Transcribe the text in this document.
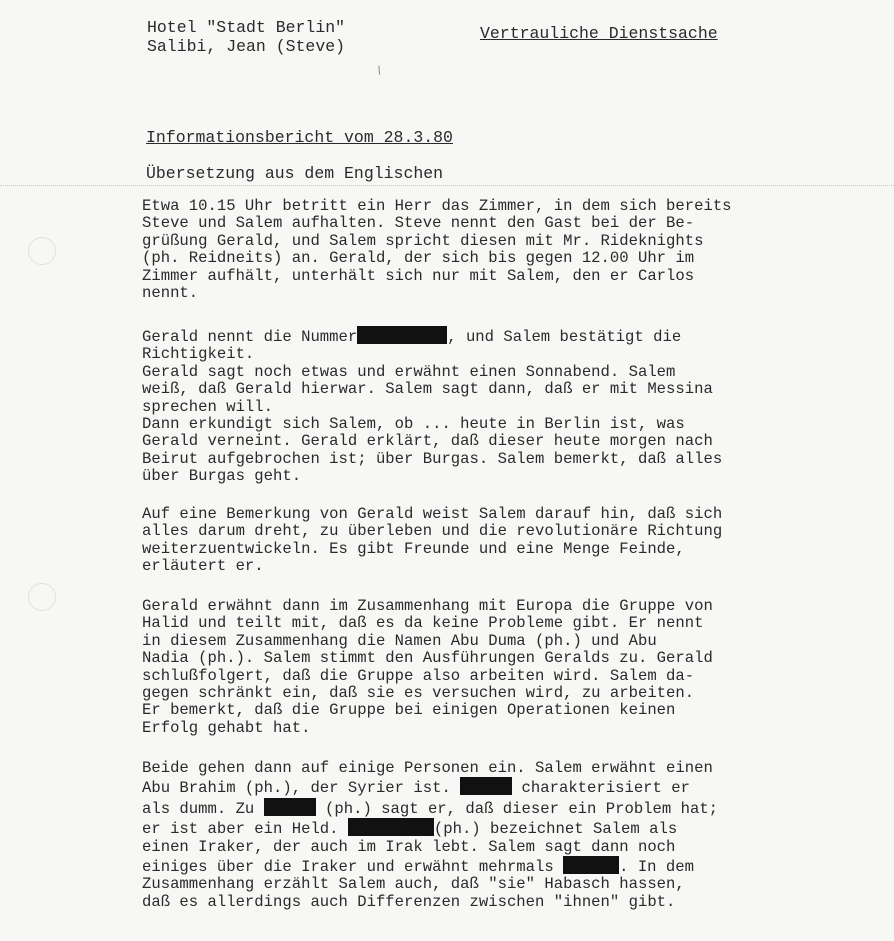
Hotel "Stadt Berlin"
Salibi, Jean (Steve)
Vertrauliche Dienstsache
⁄
Informationsbericht vom 28.3.80
Übersetzung aus dem Englischen
Etwa 10.15 Uhr betritt ein Herr das Zimmer, in dem sich bereits
Steve und Salem aufhalten. Steve nennt den Gast bei der Be-
grüßung Gerald, und Salem spricht diesen mit Mr. Rideknights
(ph. Reidneits) an. Gerald, der sich bis gegen 12.00 Uhr im
Zimmer aufhält, unterhält sich nur mit Salem, den er Carlos
nennt.
Gerald nennt die Nummer	, und Salem bestätigt die
Richtigkeit.
Gerald sagt noch etwas und erwähnt einen Sonnabend. Salem
weiß, daß Gerald hierwar. Salem sagt dann, daß er mit Messina
sprechen will.
Dann erkundigt sich Salem, ob ... heute in Berlin ist, was
Gerald verneint. Gerald erklärt, daß dieser heute morgen nach
Beirut aufgebrochen ist; über Burgas. Salem bemerkt, daß alles
über Burgas geht.
Auf eine Bemerkung von Gerald weist Salem darauf hin, daß sich
alles darum dreht, zu überleben und die revolutionäre Richtung
weiterzuentwickeln. Es gibt Freunde und eine Menge Feinde,
erläutert er.
Gerald erwähnt dann im Zusammenhang mit Europa die Gruppe von
Halid und teilt mit, daß es da keine Probleme gibt. Er nennt
in diesem Zusammenhang die Namen Abu Duma (ph.) und Abu
Nadia (ph.). Salem stimmt den Ausführungen Geralds zu. Gerald
schlußfolgert, daß die Gruppe also arbeiten wird. Salem da-
gegen schränkt ein, daß sie es versuchen wird, zu arbeiten.
Er bemerkt, daß die Gruppe bei einigen Operationen keinen
Erfolg gehabt hat.
Beide gehen dann auf einige Personen ein. Salem erwähnt einen
Abu Brahim (ph.), der Syrier ist.	charakterisiert er
als dumm. Zu	(ph.) sagt er, daß dieser ein Problem hat;
er ist aber ein Held.	(ph.) bezeichnet Salem als
einen Iraker, der auch im Irak lebt. Salem sagt dann noch
einiges über die Iraker und erwähnt mehrmals	. In dem
Zusammenhang erzählt Salem auch, daß "sie" Habasch hassen,
daß es allerdings auch Differenzen zwischen "ihnen" gibt.
